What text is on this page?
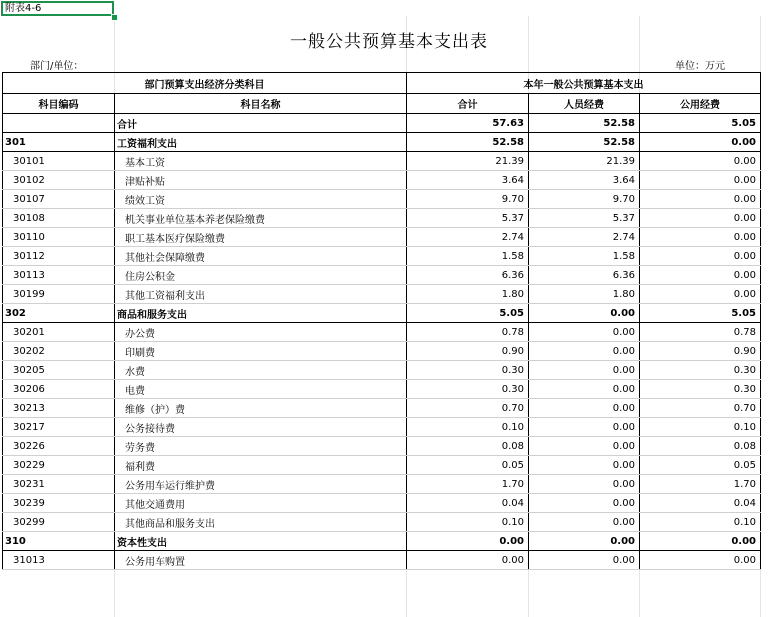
附表4-6
一般公共预算基本支出表
部门/单位：	单位：万元
部门预算支出经济分类科目		本年一般公共预算基本支出		
科目编码	科目名称	合计	人员经费	公用经费
	合计	57.63	52.58	5.05
301	工资福利支出	52.58	52.58	0.00
30101	基本工资	21.39	21.39	0.00
30102	津贴补贴	3.64	3.64	0.00
30107	绩效工资	9.70	9.70	0.00
30108	机关事业单位基本养老保险缴费	5.37	5.37	0.00
30110	职工基本医疗保险缴费	2.74	2.74	0.00
30112	其他社会保障缴费	1.58	1.58	0.00
30113	住房公积金	6.36	6.36	0.00
30199	其他工资福利支出	1.80	1.80	0.00
302	商品和服务支出	5.05	0.00	5.05
30201	办公费	0.78	0.00	0.78
30202	印刷费	0.90	0.00	0.90
30205	水费	0.30	0.00	0.30
30206	电费	0.30	0.00	0.30
30213	维修（护）费	0.70	0.00	0.70
30217	公务接待费	0.10	0.00	0.10
30226	劳务费	0.08	0.00	0.08
30229	福利费	0.05	0.00	0.05
30231	公务用车运行维护费	1.70	0.00	1.70
30239	其他交通费用	0.04	0.00	0.04
30299	其他商品和服务支出	0.10	0.00	0.10
310	资本性支出	0.00	0.00	0.00
31013	公务用车购置	0.00	0.00	0.00
